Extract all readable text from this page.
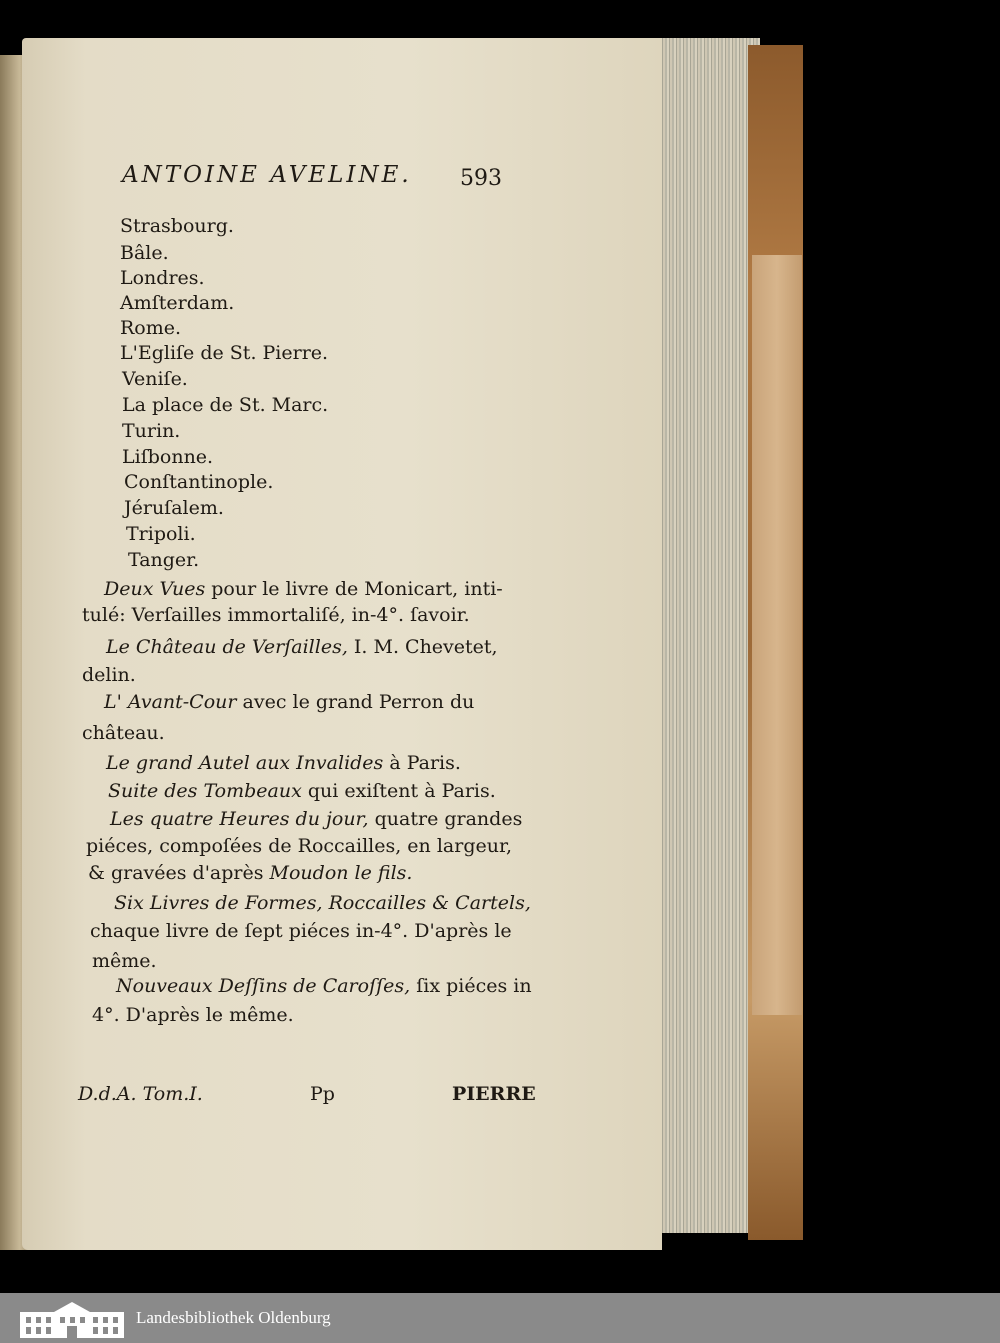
ANTOINE AVELINE. 593
Strasbourg.
Bâle.
Londres.
Amſterdam.
Rome.
L'Egliſe de St. Pierre.
Veniſe.
La place de St. Marc.
Turin.
Liſbonne.
Conſtantinople.
Jéruſalem.
Tripoli.
Tanger.
Deux Vues pour le livre de Monicart, inti-
tulé: Verſailles immortaliſé, in-4°. ſavoir.
Le Château de Verſailles, I. M. Chevetet,
delin.
L' Avant-Cour avec le grand Perron du
château.
Le grand Autel aux Invalides à Paris.
Suite des Tombeaux qui exiſtent à Paris.
Les quatre Heures du jour, quatre grandes
piéces, compoſées de Roccailles, en largeur,
& gravées d'après Moudon le fils.
Six Livres de Formes, Roccailles & Cartels,
chaque livre de ſept piéces in-4°. D'après le
même.
Nouveaux Deſſins de Caroſſes, ſix piéces in
4°. D'après le même.
D.d.A. Tom.I.	Pp	PIERRE
Landesbibliothek Oldenburg
